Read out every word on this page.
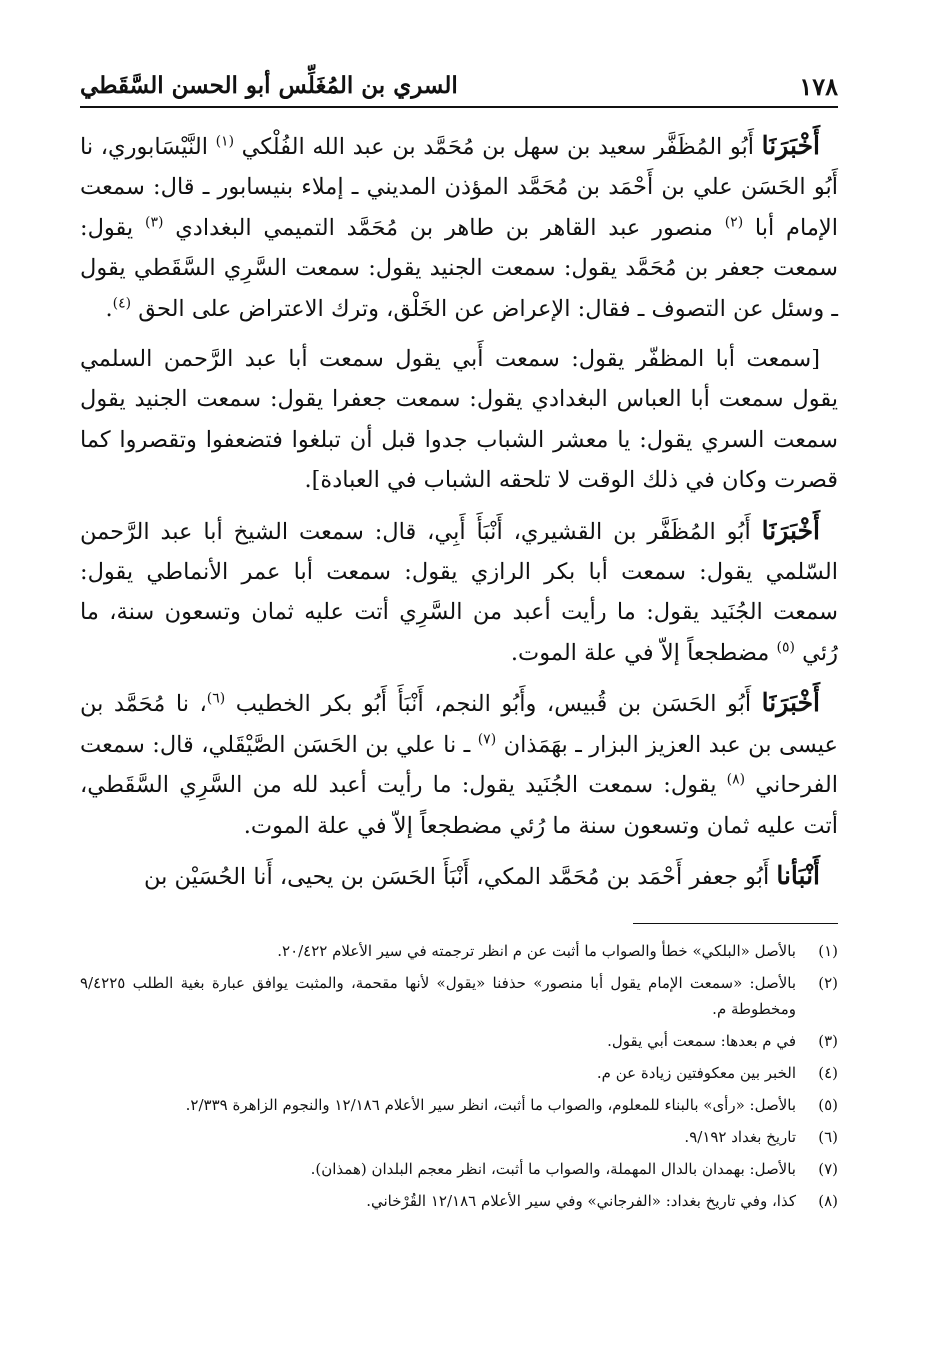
١٧٨
السري بن المُغَلِّس أبو الحسن السَّقَطي

أَخْبَرَنَا أَبُو المُظَفَّر سعيد بن سهل بن مُحَمَّد بن عبد الله الفُلْكي $^{(١)}$ النَّيْسَابوري، نا أَبُو الحَسَن علي بن أَحْمَد بن مُحَمَّد المؤذن المديني ـ إملاء بنيسابور ـ قال: سمعت الإمام أبا $^{(٢)}$ منصور عبد القاهر بن طاهر بن مُحَمَّد التميمي البغدادي $^{(٣)}$ يقول: سمعت جعفر بن مُحَمَّد يقول: سمعت الجنيد يقول: سمعت السَّرِي السَّقَطي يقول ـ وسئل عن التصوف ـ فقال: الإعراض عن الخَلْق، وترك الاعتراض على الحق $^{(٤)}$.

[سمعت أبا المظفّر يقول: سمعت أَبي يقول سمعت أبا عبد الرَّحمن السلمي يقول سمعت أبا العباس البغدادي يقول: سمعت جعفرا يقول: سمعت الجنيد يقول سمعت السري يقول: يا معشر الشباب جدوا قبل أن تبلغوا فتضعفوا وتقصروا كما قصرت وكان في ذلك الوقت لا تلحقه الشباب في العبادة].

أَخْبَرَنَا أَبُو المُظَفَّر بن القشيري، أَنْبَأَ أَبِي، قال: سمعت الشيخ أبا عبد الرَّحمن السّلمي يقول: سمعت أبا بكر الرازي يقول: سمعت أبا عمر الأنماطي يقول: سمعت الجُنَيد يقول: ما رأيت أعبد من السَّرِي أتت عليه ثمان وتسعون سنة، ما رُئي $^{(٥)}$ مضطجعاً إلاّ في علة الموت.

أَخْبَرَنَا أَبُو الحَسَن بن قُبيس، وأَبُو النجم، أَنْبَأَ أَبُو بكر الخطيب $^{(٦)}$، نا مُحَمَّد بن عيسى بن عبد العزيز البزار ـ بهَمَذان $^{(٧)}$ ـ نا علي بن الحَسَن الصَّيْقَلي، قال: سمعت الفرحاني $^{(٨)}$ يقول: سمعت الجُنَيد يقول: ما رأيت أعبد لله من السَّرِي السَّقَطي، أتت عليه ثمان وتسعون سنة ما رُئي مضطجعاً إلاّ في علة الموت.

أَنْبَأنا أَبُو جعفر أَحْمَد بن مُحَمَّد المكي، أَنْبَأَ الحَسَن بن يحيى، أَنا الحُسَيْن بن

(١)
بالأصل «البلكي» خطأ والصواب ما أثبت عن م انظر ترجمته في سير الأعلام ٢٠/٤٢٢.
(٢)
بالأصل: «سمعت الإمام يقول أبا منصور» حذفنا «يقول» لأنها مقحمة، والمثبت يوافق عبارة بغية الطلب ٩/٤٢٢٥ ومخطوطة م.
(٣)
في م بعدها: سمعت أبي يقول.
(٤)
الخبر بين معكوفتين زيادة عن م.
(٥)
بالأصل: «رأى» بالبناء للمعلوم، والصواب ما أثبت، انظر سير الأعلام ١٢/١٨٦ والنجوم الزاهرة ٢/٣٣٩.
(٦)
تاريخ بغداد ٩/١٩٢.
(٧)
بالأصل: بهمدان بالدال المهملة، والصواب ما أثبت، انظر معجم البلدان (همذان).
(٨)
كذا، وفي تاريخ بغداد: «الفرجاني» وفي سير الأعلام ١٢/١٨٦ القُرْخاني.
